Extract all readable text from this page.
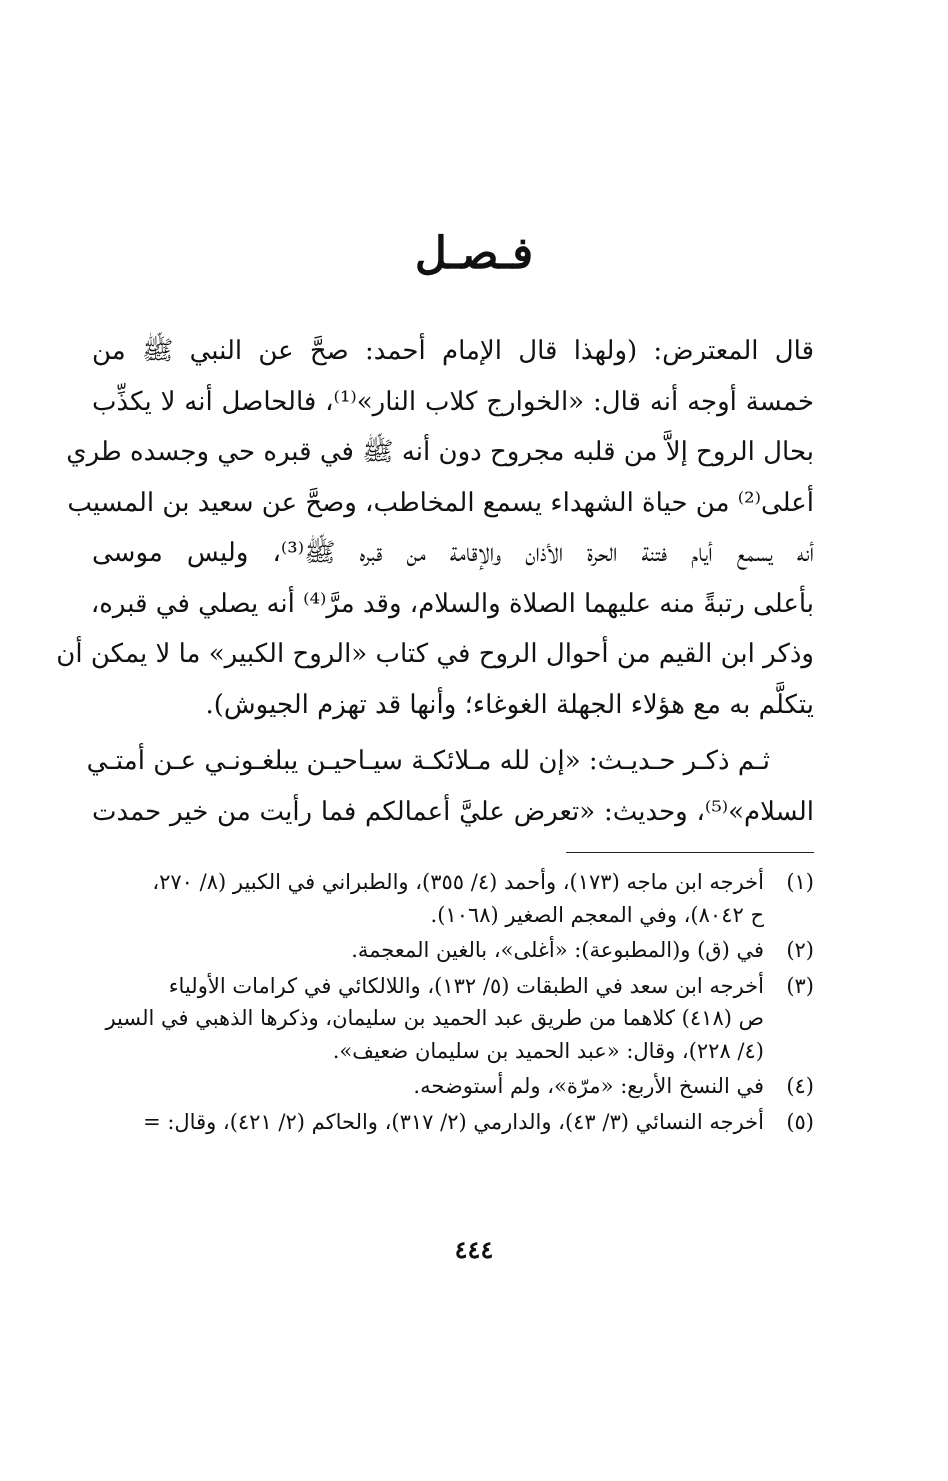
فـصـل
قال المعترض: (ولهذا قال الإمام أحمد: صحَّ عن النبي ﷺ من
خمسة أوجه أنه قال: «الخوارج كلاب النار»⁽¹⁾، فالحاصل أنه لا يكذِّب
بحال الروح إلاَّ من قلبه مجروح دون أنه ﷺ في قبره حي وجسده طري
أعلى⁽²⁾ من حياة الشهداء يسمع المخاطب، وصحَّ عن سعيد بن المسيب
أنه يسمع أيام فتنة الحرة الأذان والإقامة من قبره ﷺ⁽³⁾، وليس موسى
بأعلى رتبةً منه عليهما الصلاة والسلام، وقد مرَّ⁽⁴⁾ أنه يصلي في قبره،
وذكر ابن القيم من أحوال الروح في كتاب «الروح الكبير» ما لا يمكن أن
يتكلَّم به مع هؤلاء الجهلة الغوغاء؛ وأنها قد تهزم الجيوش).
ثـم ذكـر حـديـث: «إن لله مـلائكـة سيـاحيـن يبلغـونـي عـن أمتـي
السلام»⁽⁵⁾، وحديث: «تعرض عليَّ أعمالكم فما رأيت من خير حمدت
(١)
أخرجه ابن ماجه (١٧٣)، وأحمد (٤/ ٣٥٥)، والطبراني في الكبير (٨/ ٢٧٠،
ح ٨٠٤٢)، وفي المعجم الصغير (١٠٦٨).
(٢)
في (ق) و(المطبوعة): «أغلى»، بالغين المعجمة.
(٣)
أخرجه ابن سعد في الطبقات (٥/ ١٣٢)، واللالكائي في كرامات الأولياء
ص (٤١٨) كلاهما من طريق عبد الحميد بن سليمان، وذكرها الذهبي في السير
(٤/ ٢٢٨)، وقال: «عبد الحميد بن سليمان ضعيف».
(٤)
في النسخ الأربع: «مرّة»، ولم أستوضحه.
(٥)
أخرجه النسائي (٣/ ٤٣)، والدارمي (٢/ ٣١٧)، والحاكم (٢/ ٤٢١)، وقال: =
٤٤٤
